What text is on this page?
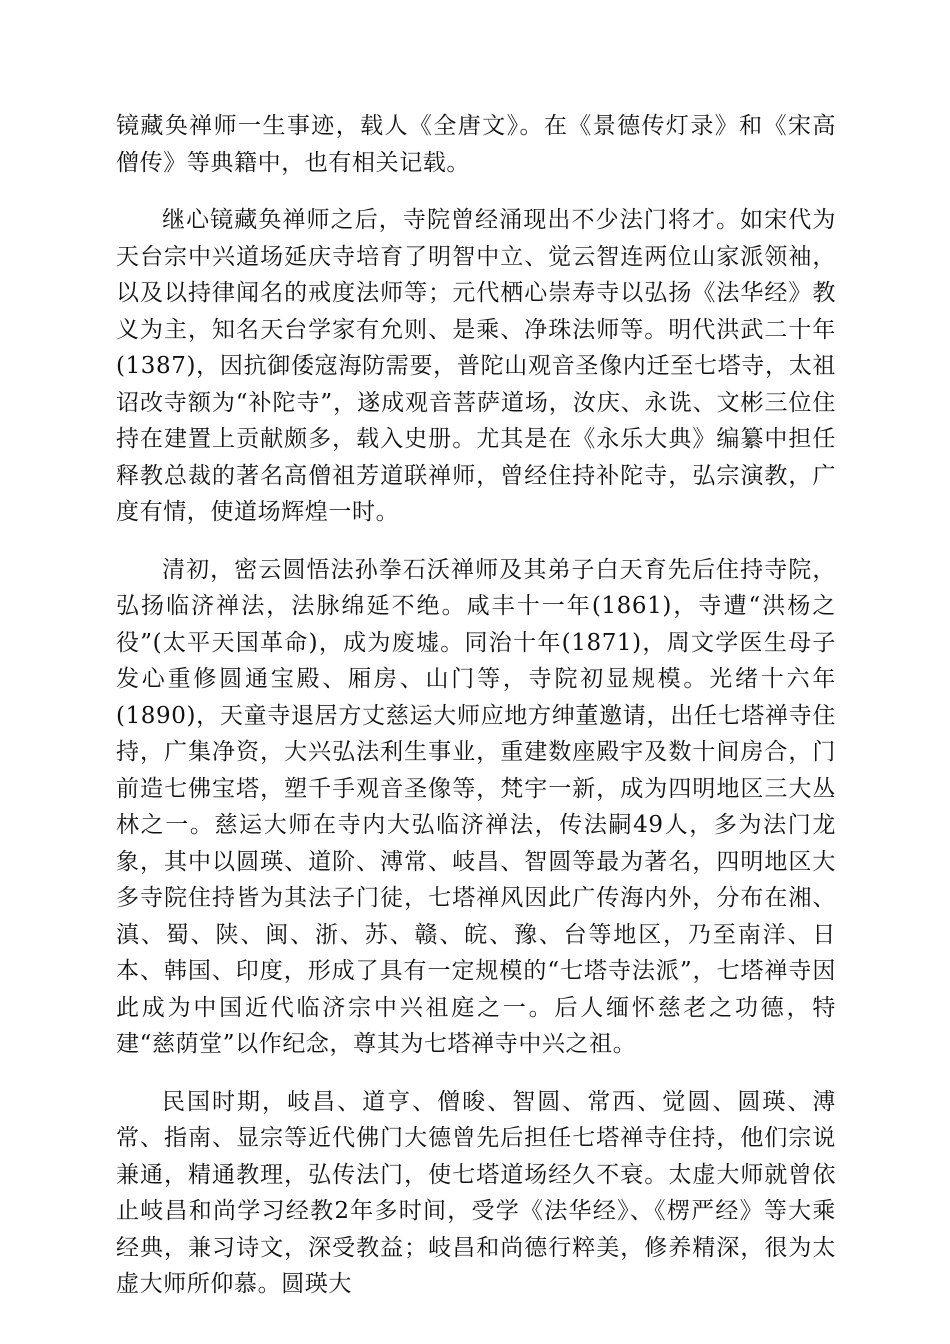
镜藏奂禅师一生事迹，载人《全唐文》。在《景德传灯录》和《宋高僧传》等典籍中，也有相关记载。

继心镜藏奂禅师之后，寺院曾经涌现出不少法门将才。如宋代为天台宗中兴道场延庆寺培育了明智中立、觉云智连两位山家派领袖，以及以持律闻名的戒度法师等；元代栖心崇寿寺以弘扬《法华经》教义为主，知名天台学家有允则、是乘、净珠法师等。明代洪武二十年(1387)，因抗御倭寇海防需要，普陀山观音圣像内迁至七塔寺，太祖诏改寺额为“补陀寺”，遂成观音菩萨道场，汝庆、永诜、文彬三位住持在建置上贡献颇多，载入史册。尤其是在《永乐大典》编纂中担任释教总裁的著名高僧祖芳道联禅师，曾经住持补陀寺，弘宗演教，广度有情，使道场辉煌一时。

清初，密云圆悟法孙拳石沃禅师及其弟子白天育先后住持寺院，弘扬临济禅法，法脉绵延不绝。咸丰十一年(1861)，寺遭“洪杨之役”(太平天国革命)，成为废墟。同治十年(1871)，周文学医生母子发心重修圆通宝殿、厢房、山门等，寺院初显规模。光绪十六年(1890)，天童寺退居方丈慈运大师应地方绅董邀请，出任七塔禅寺住持，广集净资，大兴弘法利生事业，重建数座殿宇及数十间房合，门前造七佛宝塔，塑千手观音圣像等，梵宇一新，成为四明地区三大丛林之一。慈运大师在寺内大弘临济禅法，传法嗣49人，多为法门龙象，其中以圆瑛、道阶、溥常、岐昌、智圆等最为著名，四明地区大多寺院住持皆为其法子门徒，七塔禅风因此广传海内外，分布在湘、滇、蜀、陕、闽、浙、苏、赣、皖、豫、台等地区，乃至南洋、日本、韩国、印度，形成了具有一定规模的“七塔寺法派”，七塔禅寺因此成为中国近代临济宗中兴祖庭之一。后人缅怀慈老之功德，特建“慈荫堂”以作纪念，尊其为七塔禅寺中兴之祖。

民国时期，岐昌、道亨、僧晙、智圆、常西、觉圆、圆瑛、溥常、指南、显宗等近代佛门大德曾先后担任七塔禅寺住持，他们宗说兼通，精通教理，弘传法门，使七塔道场经久不衰。太虚大师就曾依止岐昌和尚学习经教2年多时间，受学《法华经》、《楞严经》等大乘经典，兼习诗文，深受教益；岐昌和尚德行粹美，修养精深，很为太虚大师所仰慕。圆瑛大
